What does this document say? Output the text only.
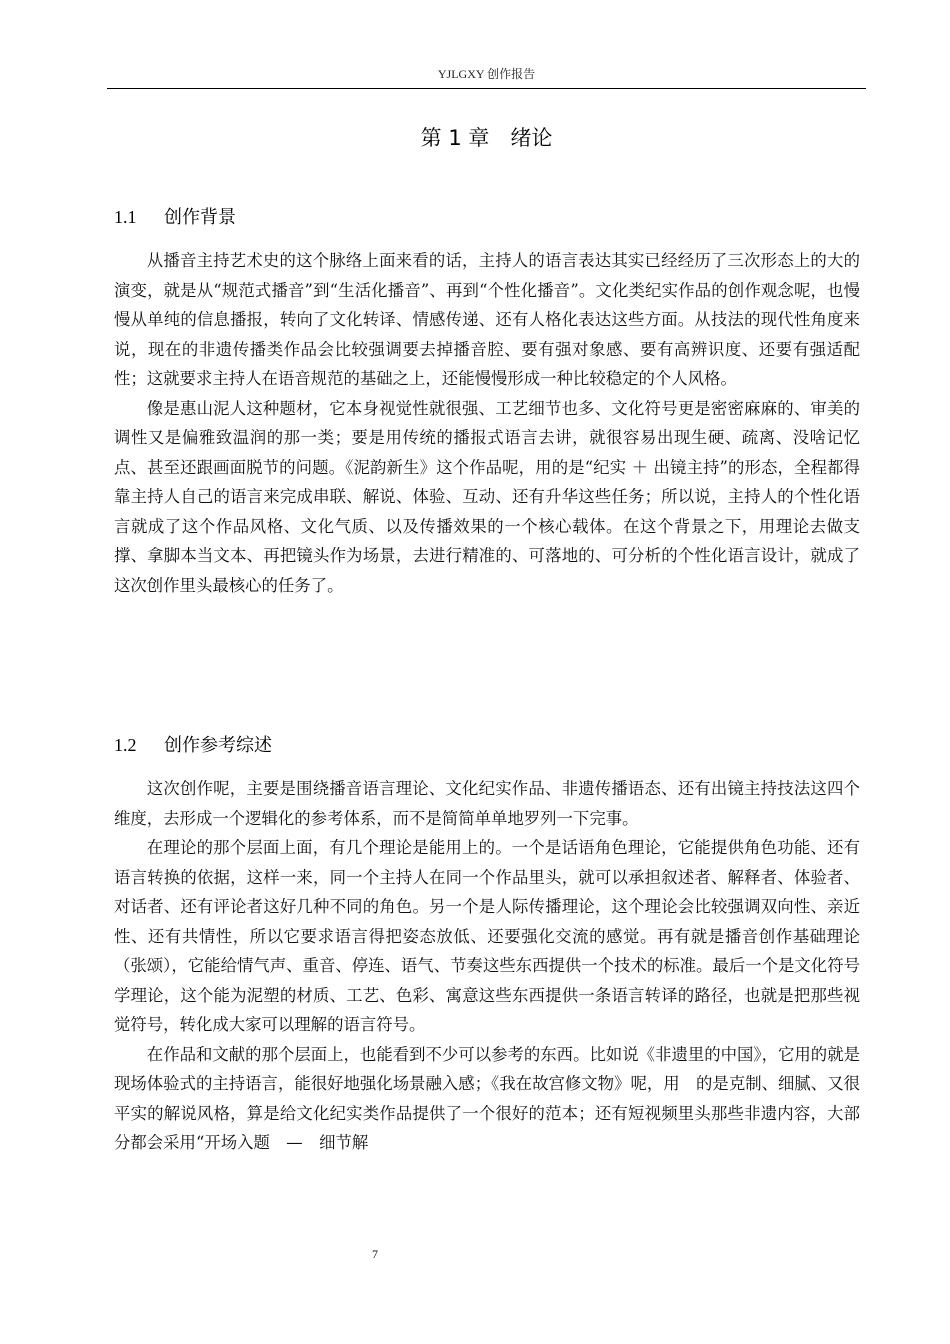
YJLGXY 创作报告
第 1 章　绪论
1.1 创作背景

从播音主持艺术史的这个脉络上面来看的话，主持人的语言表达其实已经经历了三次形态上的大的演变，就是从“规范式播音”到“生活化播音”、再到“个性化播音”。文化类纪实作品的创作观念呢，也慢慢从单纯的信息播报，转向了文化转译、情感传递、还有人格化表达这些方面。从技法的现代性角度来说，现在的非遗传播类作品会比较强调要去掉播音腔、要有强对象感、要有高辨识度、还要有强适配性；这就要求主持人在语音规范的基础之上，还能慢慢形成一种比较稳定的个人风格。

像是惠山泥人这种题材，它本身视觉性就很强、工艺细节也多、文化符号更是密密麻麻的、审美的调性又是偏雅致温润的那一类；要是用传统的播报式语言去讲，就很容易出现生硬、疏离、没啥记忆点、甚至还跟画面脱节的问题。《泥韵新生》这个作品呢，用的是“纪实 ＋ 出镜主持”的形态，全程都得靠主持人自己的语言来完成串联、解说、体验、互动、还有升华这些任务；所以说，主持人的个性化语言就成了这个作品风格、文化气质、以及传播效果的一个核心载体。在这个背景之下，用理论去做支撑、拿脚本当文本、再把镜头作为场景，去进行精准的、可落地的、可分析的个性化语言设计，就成了这次创作里头最核心的任务了。

1.2 创作参考综述

这次创作呢，主要是围绕播音语言理论、文化纪实作品、非遗传播语态、还有出镜主持技法这四个维度，去形成一个逻辑化的参考体系，而不是简简单单地罗列一下完事。

在理论的那个层面上面，有几个理论是能用上的。一个是话语角色理论，它能提供角色功能、还有语言转换的依据，这样一来，同一个主持人在同一个作品里头，就可以承担叙述者、解释者、体验者、对话者、还有评论者这好几种不同的角色。另一个是人际传播理论，这个理论会比较强调双向性、亲近性、还有共情性，所以它要求语言得把姿态放低、还要强化交流的感觉。再有就是播音创作基础理论（张颂），它能给情气声、重音、停连、语气、节奏这些东西提供一个技术的标准。最后一个是文化符号学理论，这个能为泥塑的材质、工艺、色彩、寓意这些东西提供一条语言转译的路径，也就是把那些视觉符号，转化成大家可以理解的语言符号。

在作品和文献的那个层面上，也能看到不少可以参考的东西。比如说《非遗里的中国》，它用的就是现场体验式的主持语言，能很好地强化场景融入感；《我在故宫修文物》呢，用　的是克制、细腻、又很平实的解说风格，算是给文化纪实类作品提供了一个很好的范本；还有短视频里头那些非遗内容，大部分都会采用“开场入题　—　细节解

7
